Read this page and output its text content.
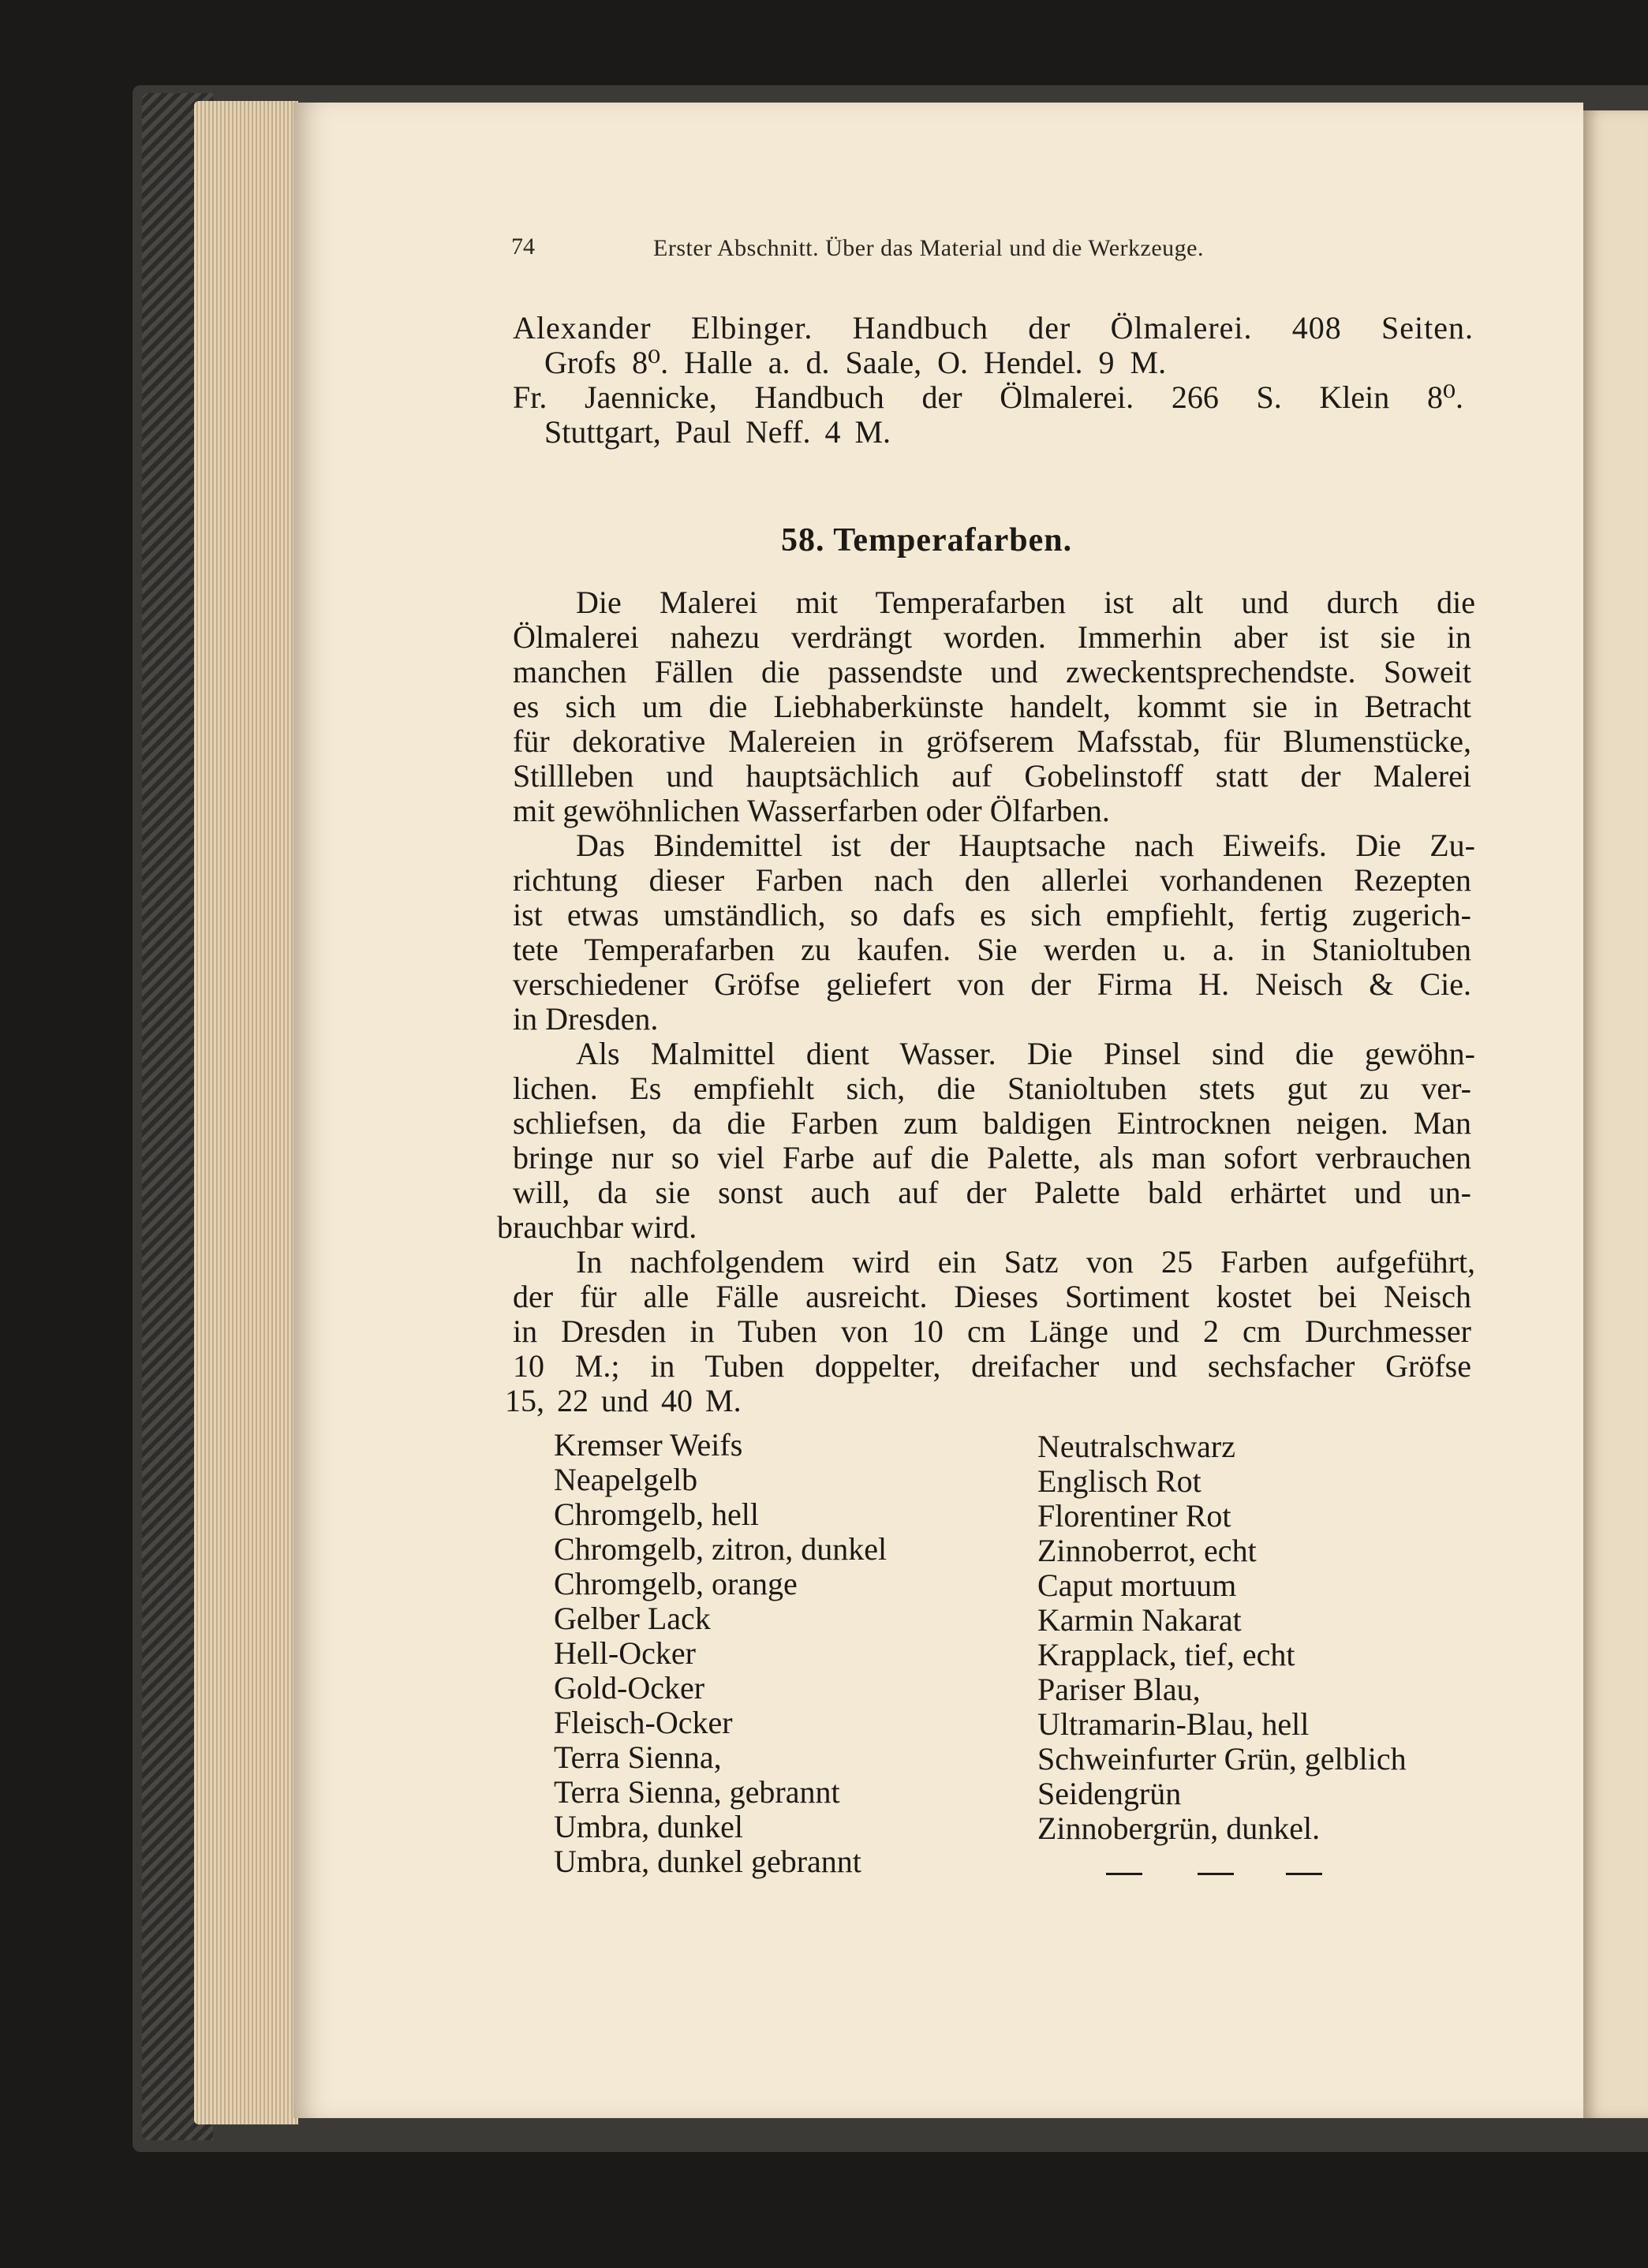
74	Erster Abschnitt. Über das Material und die Werkzeuge.
Alexander Elbinger. Handbuch der Ölmalerei. 408 Seiten.
Grofs 8⁰. Halle a. d. Saale, O. Hendel. 9 M.
Fr. Jaennicke, Handbuch der Ölmalerei. 266 S. Klein 8⁰.
Stuttgart, Paul Neff. 4 M.
58. Temperafarben.
Die Malerei mit Temperafarben ist alt und durch die
Ölmalerei nahezu verdrängt worden. Immerhin aber ist sie in
manchen Fällen die passendste und zweckentsprechendste. Soweit
es sich um die Liebhaberkünste handelt, kommt sie in Betracht
für dekorative Malereien in gröfserem Mafsstab, für Blumenstücke,
Stillleben und hauptsächlich auf Gobelinstoff statt der Malerei
mit gewöhnlichen Wasserfarben oder Ölfarben.
Das Bindemittel ist der Hauptsache nach Eiweifs. Die Zu-
richtung dieser Farben nach den allerlei vorhandenen Rezepten
ist etwas umständlich, so dafs es sich empfiehlt, fertig zugerich-
tete Temperafarben zu kaufen. Sie werden u. a. in Stanioltuben
verschiedener Gröfse geliefert von der Firma H. Neisch & Cie.
in Dresden.
Als Malmittel dient Wasser. Die Pinsel sind die gewöhn-
lichen. Es empfiehlt sich, die Stanioltuben stets gut zu ver-
schliefsen, da die Farben zum baldigen Eintrocknen neigen. Man
bringe nur so viel Farbe auf die Palette, als man sofort verbrauchen
will, da sie sonst auch auf der Palette bald erhärtet und un-
brauchbar wird.
In nachfolgendem wird ein Satz von 25 Farben aufgeführt,
der für alle Fälle ausreicht. Dieses Sortiment kostet bei Neisch
in Dresden in Tuben von 10 cm Länge und 2 cm Durchmesser
10 M.; in Tuben doppelter, dreifacher und sechsfacher Gröfse
15, 22 und 40 M.
Kremser Weifs
Neapelgelb
Chromgelb, hell
Chromgelb, zitron, dunkel
Chromgelb, orange
Gelber Lack
Hell-Ocker
Gold-Ocker
Fleisch-Ocker
Terra Sienna,
Terra Sienna, gebrannt
Umbra, dunkel
Umbra, dunkel gebrannt
Neutralschwarz
Englisch Rot
Florentiner Rot
Zinnoberrot, echt
Caput mortuum
Karmin Nakarat
Krapplack, tief, echt
Pariser Blau,
Ultramarin-Blau, hell
Schweinfurter Grün, gelblich
Seidengrün
Zinnobergrün, dunkel.
